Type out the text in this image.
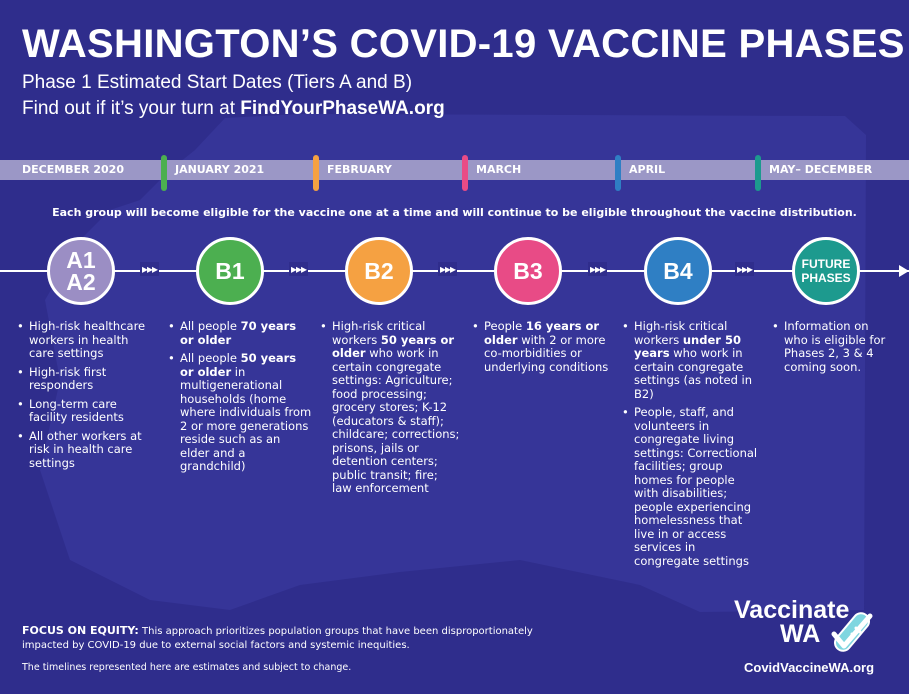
WASHINGTON’S COVID-19 VACCINE PHASES
Phase 1 Estimated Start Dates (Tiers A and B)
Find out if it’s your turn at FindYourPhaseWA.org
DECEMBER 2020	JANUARY 2021	FEBRUARY	MARCH	APRIL	MAY– DECEMBER
Each group will become eligible for the vaccine one at a time and will continue to be eligible throughout the vaccine distribution.
▸▸▸	▸▸▸	▸▸▸	▸▸▸	▸▸▸
A1
A2	B1	B2	B3	B4	FUTURE
PHASES
• High-risk healthcare workers in health care settings
• High-risk first responders
• Long-term care facility residents
• All other workers at risk in health care settings
• All people 70 years or older
• All people 50 years or older in multigenerational households (home where individuals from 2 or more generations reside such as an elder and a grandchild)
• High-risk critical workers 50 years or older who work in certain congregate settings: Agriculture; food processing; grocery stores; K-12 (educators & staff); childcare; corrections; prisons, jails or detention centers; public transit; fire; law enforcement
• People 16 years or older with 2 or more co-morbidities or underlying conditions
• High-risk critical workers under 50 years who work in certain congregate settings (as noted in B2)
• People, staff, and volunteers in congregate living settings: Correctional facilities; group homes for people with disabilities; people experiencing homelessness that live in or access services in congregate settings
• Information on who is eligible for Phases 2, 3 & 4 coming soon.
FOCUS ON EQUITY: This approach prioritizes population groups that have been disproportionately impacted by COVID-19 due to external social factors and systemic inequities.
The timelines represented here are estimates and subject to change.
Vaccinate
WA
CovidVaccineWA.org
